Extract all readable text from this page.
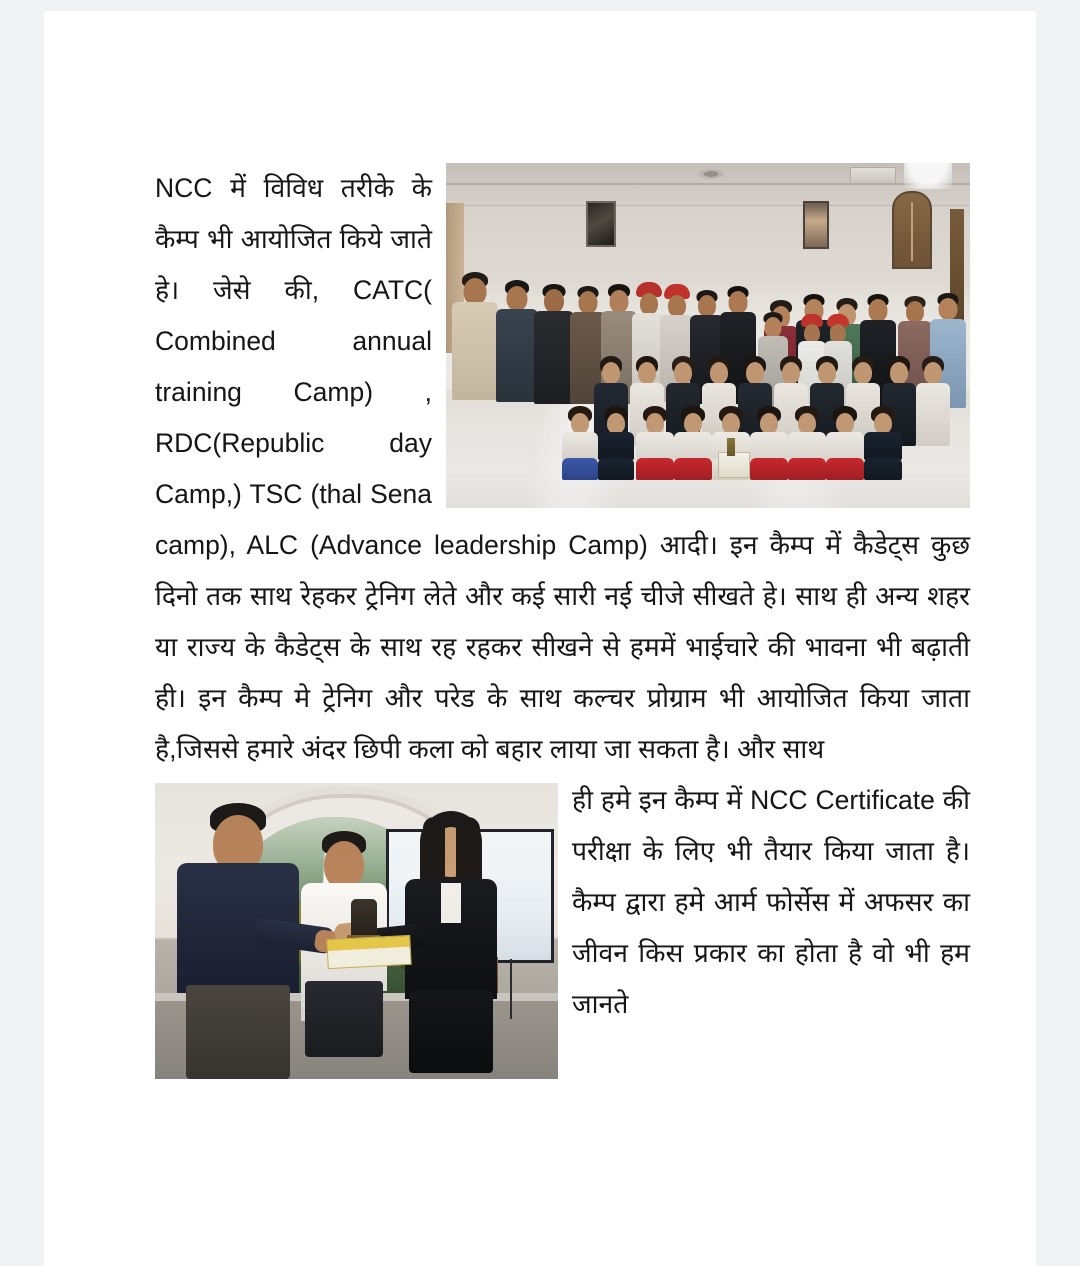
NCC में विविध तरीके के कैम्प भी आयोजित किये जाते हे। जेसे की, CATC( Combined annual training Camp) , RDC(Republic day Camp,) TSC (thal Sena camp), ALC (Advance leadership Camp) आदी। इन कैम्प में कैडेट्स कुछ दिनो तक साथ रेहकर ट्रेनिग लेते और कई सारी नई चीजे सीखते हे। साथ ही अन्य शहर या राज्य के कैडेट्स के साथ रह रहकर सीखने से हममें भाईचारे की भावना भी बढ़ाती ही। इन कैम्प मे ट्रेनिग और परेड के साथ कल्चर प्रोग्राम भी आयोजित किया जाता है,जिससे हमारे अंदर छिपी कला को बहार लाया जा सकता है। और साथ

ही हमे इन कैम्प में NCC Certificate की परीक्षा के लिए भी तैयार किया जाता है। कैम्प द्वारा हमे आर्म फोर्सेस में अफसर का जीवन किस प्रकार का होता है वो भी हम जानते
